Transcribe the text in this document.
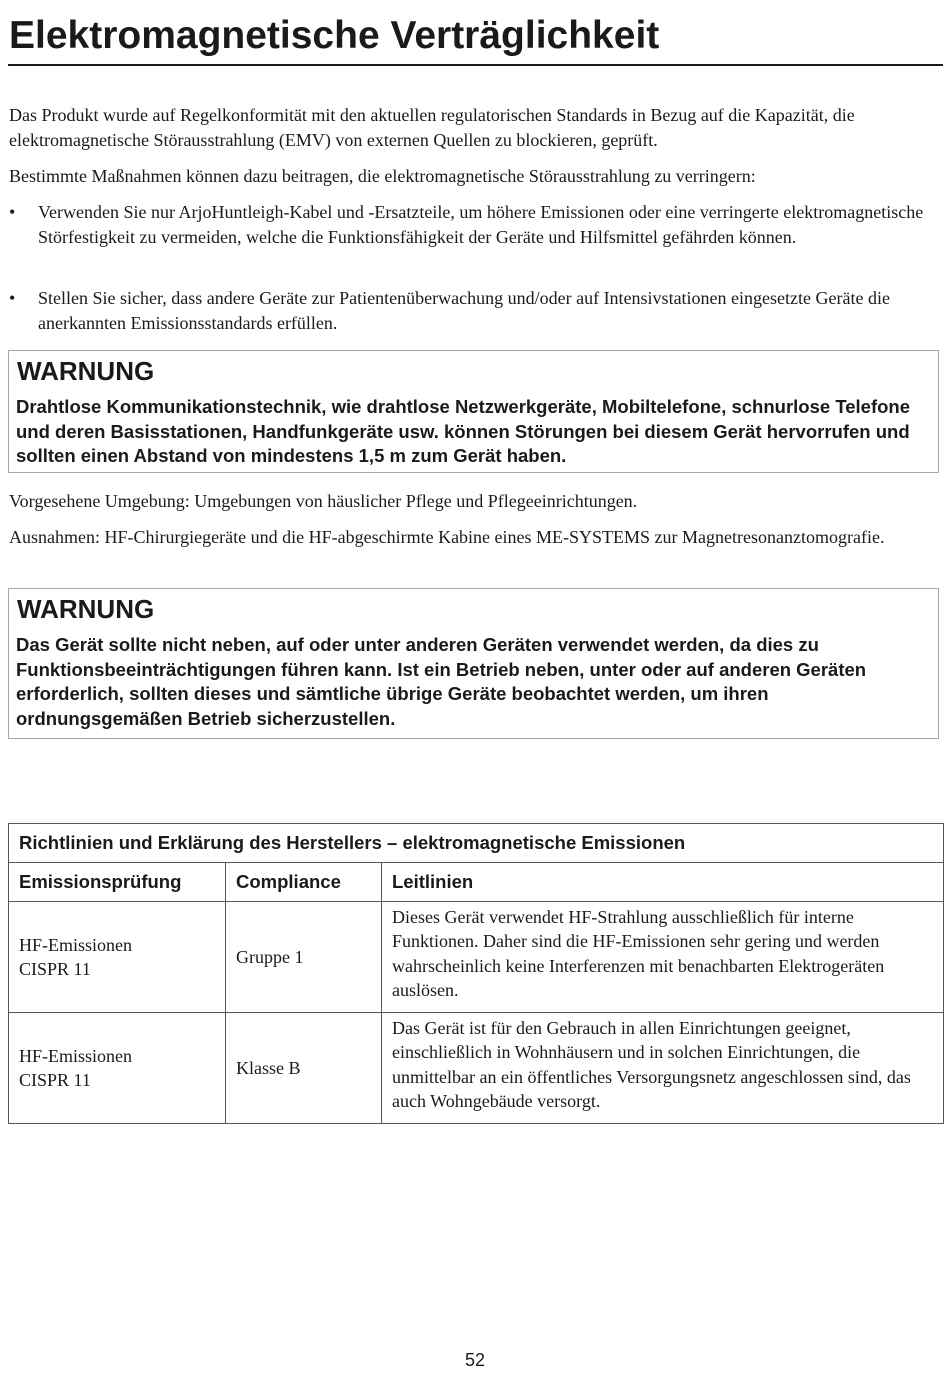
Elektromagnetische Verträglichkeit

Das Produkt wurde auf Regelkonformität mit den aktuellen regulatorischen Standards in Bezug auf die Kapazität, die elektromagnetische Störausstrahlung (EMV) von externen Quellen zu blockieren, geprüft.

Bestimmte Maßnahmen können dazu beitragen, die elektromagnetische Störausstrahlung zu verringern:

• Verwenden Sie nur ArjoHuntleigh-Kabel und -Ersatzteile, um höhere Emissionen oder eine verringerte elektromagnetische Störfestigkeit zu vermeiden, welche die Funktionsfähigkeit der Geräte und Hilfsmittel gefährden können.
• Stellen Sie sicher, dass andere Geräte zur Patientenüberwachung und/oder auf Intensivstationen eingesetzte Geräte die anerkannten Emissionsstandards erfüllen.
WARNUNG
Drahtlose Kommunikationstechnik, wie drahtlose Netzwerkgeräte, Mobiltelefone, schnurlose Telefone und deren Basisstationen, Handfunkgeräte usw. können Störungen bei diesem Gerät hervorrufen und sollten einen Abstand von mindestens 1,5 m zum Gerät haben.

Vorgesehene Umgebung: Umgebungen von häuslicher Pflege und Pflegeeinrichtungen.

Ausnahmen: HF-Chirurgiegeräte und die HF-abgeschirmte Kabine eines ME-SYSTEMS zur Magnetresonanztomografie.

WARNUNG
Das Gerät sollte nicht neben, auf oder unter anderen Geräten verwendet werden, da dies zu Funktionsbeeinträchtigungen führen kann. Ist ein Betrieb neben, unter oder auf anderen Geräten erforderlich, sollten dieses und sämtliche übrige Geräte beobachtet werden, um ihren ordnungsgemäßen Betrieb sicherzustellen.
Richtlinien und Erklärung des Herstellers – elektromagnetische Emissionen		
Emissionsprüfung	Compliance	Leitlinien

HF-Emissionen
CISPR 11	Gruppe 1	Dieses Gerät verwendet HF-Strahlung ausschließlich für interne Funktionen. Daher sind die HF-Emissionen sehr gering und werden wahrscheinlich keine Interferenzen mit benachbarten Elektrogeräten auslösen.

HF-Emissionen
CISPR 11	Klasse B	Das Gerät ist für den Gebrauch in allen Einrichtungen geeignet, einschließlich in Wohnhäusern und in solchen Einrichtungen, die unmittelbar an ein öffentliches Versorgungsnetz angeschlossen sind, das auch Wohngebäude versorgt.
52
